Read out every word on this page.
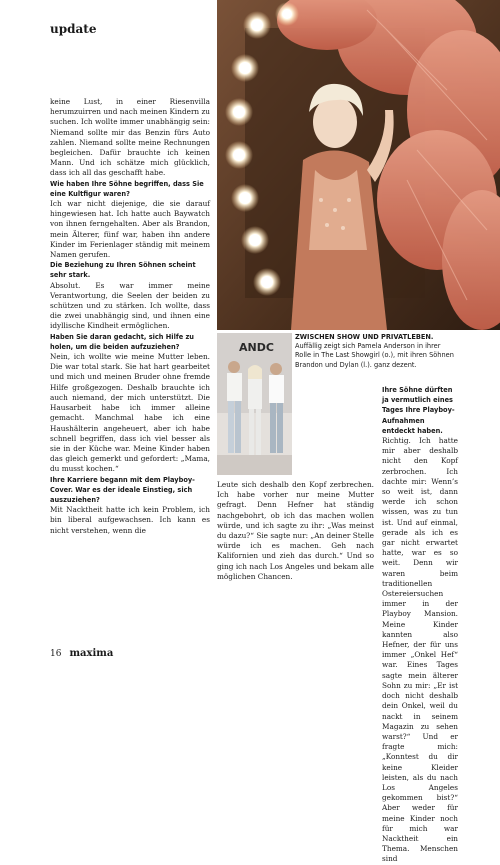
update
ANDC
ZWISCHEN SHOW UND PRIVATLEBEN.
Auffällig zeigt sich Pamela Anderson in ihrer Rolle in The Last Showgirl (o.), mit ihren Söhnen Brandon und Dylan (l.). ganz dezent.

keine Lust, in einer Riesenvilla herumzuirren und nach meinen Kindern zu suchen. Ich wollte immer unabhängig sein: Niemand sollte mir das Benzin fürs Auto zahlen. Niemand sollte meine Rechnungen begleichen. Dafür brauchte ich keinen Mann. Und ich schätze mich glücklich, dass ich all das geschafft habe.

Wie haben Ihre Söhne begriffen, dass Sie eine Kultfigur waren?

Ich war nicht diejenige, die sie darauf hingewiesen hat. Ich hatte auch Baywatch von ihnen ferngehalten. Aber als Brandon, mein Älterer, fünf war, haben ihn andere Kinder im Ferienlager ständig mit meinem Namen gerufen.

Die Beziehung zu Ihren Söhnen scheint sehr stark.

Absolut. Es war immer meine Verantwortung, die Seelen der beiden zu schützen und zu stärken. Ich wollte, dass die zwei unabhängig sind, und ihnen eine idyllische Kindheit ermöglichen.

Haben Sie daran gedacht, sich Hilfe zu holen, um die beiden aufzuziehen?

Nein, ich wollte wie meine Mutter leben. Die war total stark. Sie hat hart gearbeitet und mich und meinen Bruder ohne fremde Hilfe großgezogen. Deshalb brauchte ich auch niemand, der mich unterstützt. Die Hausarbeit habe ich immer alleine gemacht. Manchmal habe ich eine Haushälterin angeheuert, aber ich habe schnell begriffen, dass ich viel besser als sie in der Küche war. Meine Kinder haben das gleich gemerkt und gefordert: „Mama, du musst kochen.“

Ihre Karriere begann mit dem Playboy-Cover. War es der ideale Einstieg, sich auszuziehen?

Mit Nacktheit hatte ich kein Problem, ich bin liberal aufgewachsen. Ich kann es nicht verstehen, wenn die

Leute sich deshalb den Kopf zerbrechen. Ich habe vorher nur meine Mutter gefragt. Denn Hefner hat ständig nachgebohrt, ob ich das machen wollen würde, und ich sagte zu ihr: „Was meinst du dazu?“ Sie sagte nur: „An deiner Stelle würde ich es machen. Geh nach Kalifornien und zieh das durch.“ Und so ging ich nach Los Angeles und bekam alle möglichen Chancen.

Ihre Söhne dürften ja vermutlich eines Tages Ihre Playboy-Aufnahmen entdeckt haben.

Richtig. Ich hatte mir aber deshalb nicht den Kopf zerbrochen. Ich dachte mir: Wenn’s so weit ist, dann werde ich schon wissen, was zu tun ist. Und auf einmal, gerade als ich es gar nicht erwartet hatte, war es so weit. Denn wir waren beim traditionellen Ostereiersuchen immer in der Playboy Mansion. Meine Kinder kannten also Hefner, der für uns immer „Onkel Hef“ war. Eines Tages sagte mein älterer Sohn zu mir: „Er ist doch nicht deshalb dein Onkel, weil du nackt in seinem Magazin zu sehen warst?“ Und er fragte mich: „Konntest du dir keine Kleider leisten, als du nach Los Angeles gekommen bist?“ Aber weder für meine Kinder noch für mich war Nacktheit ein Thema. Menschen sind

16 maxima
